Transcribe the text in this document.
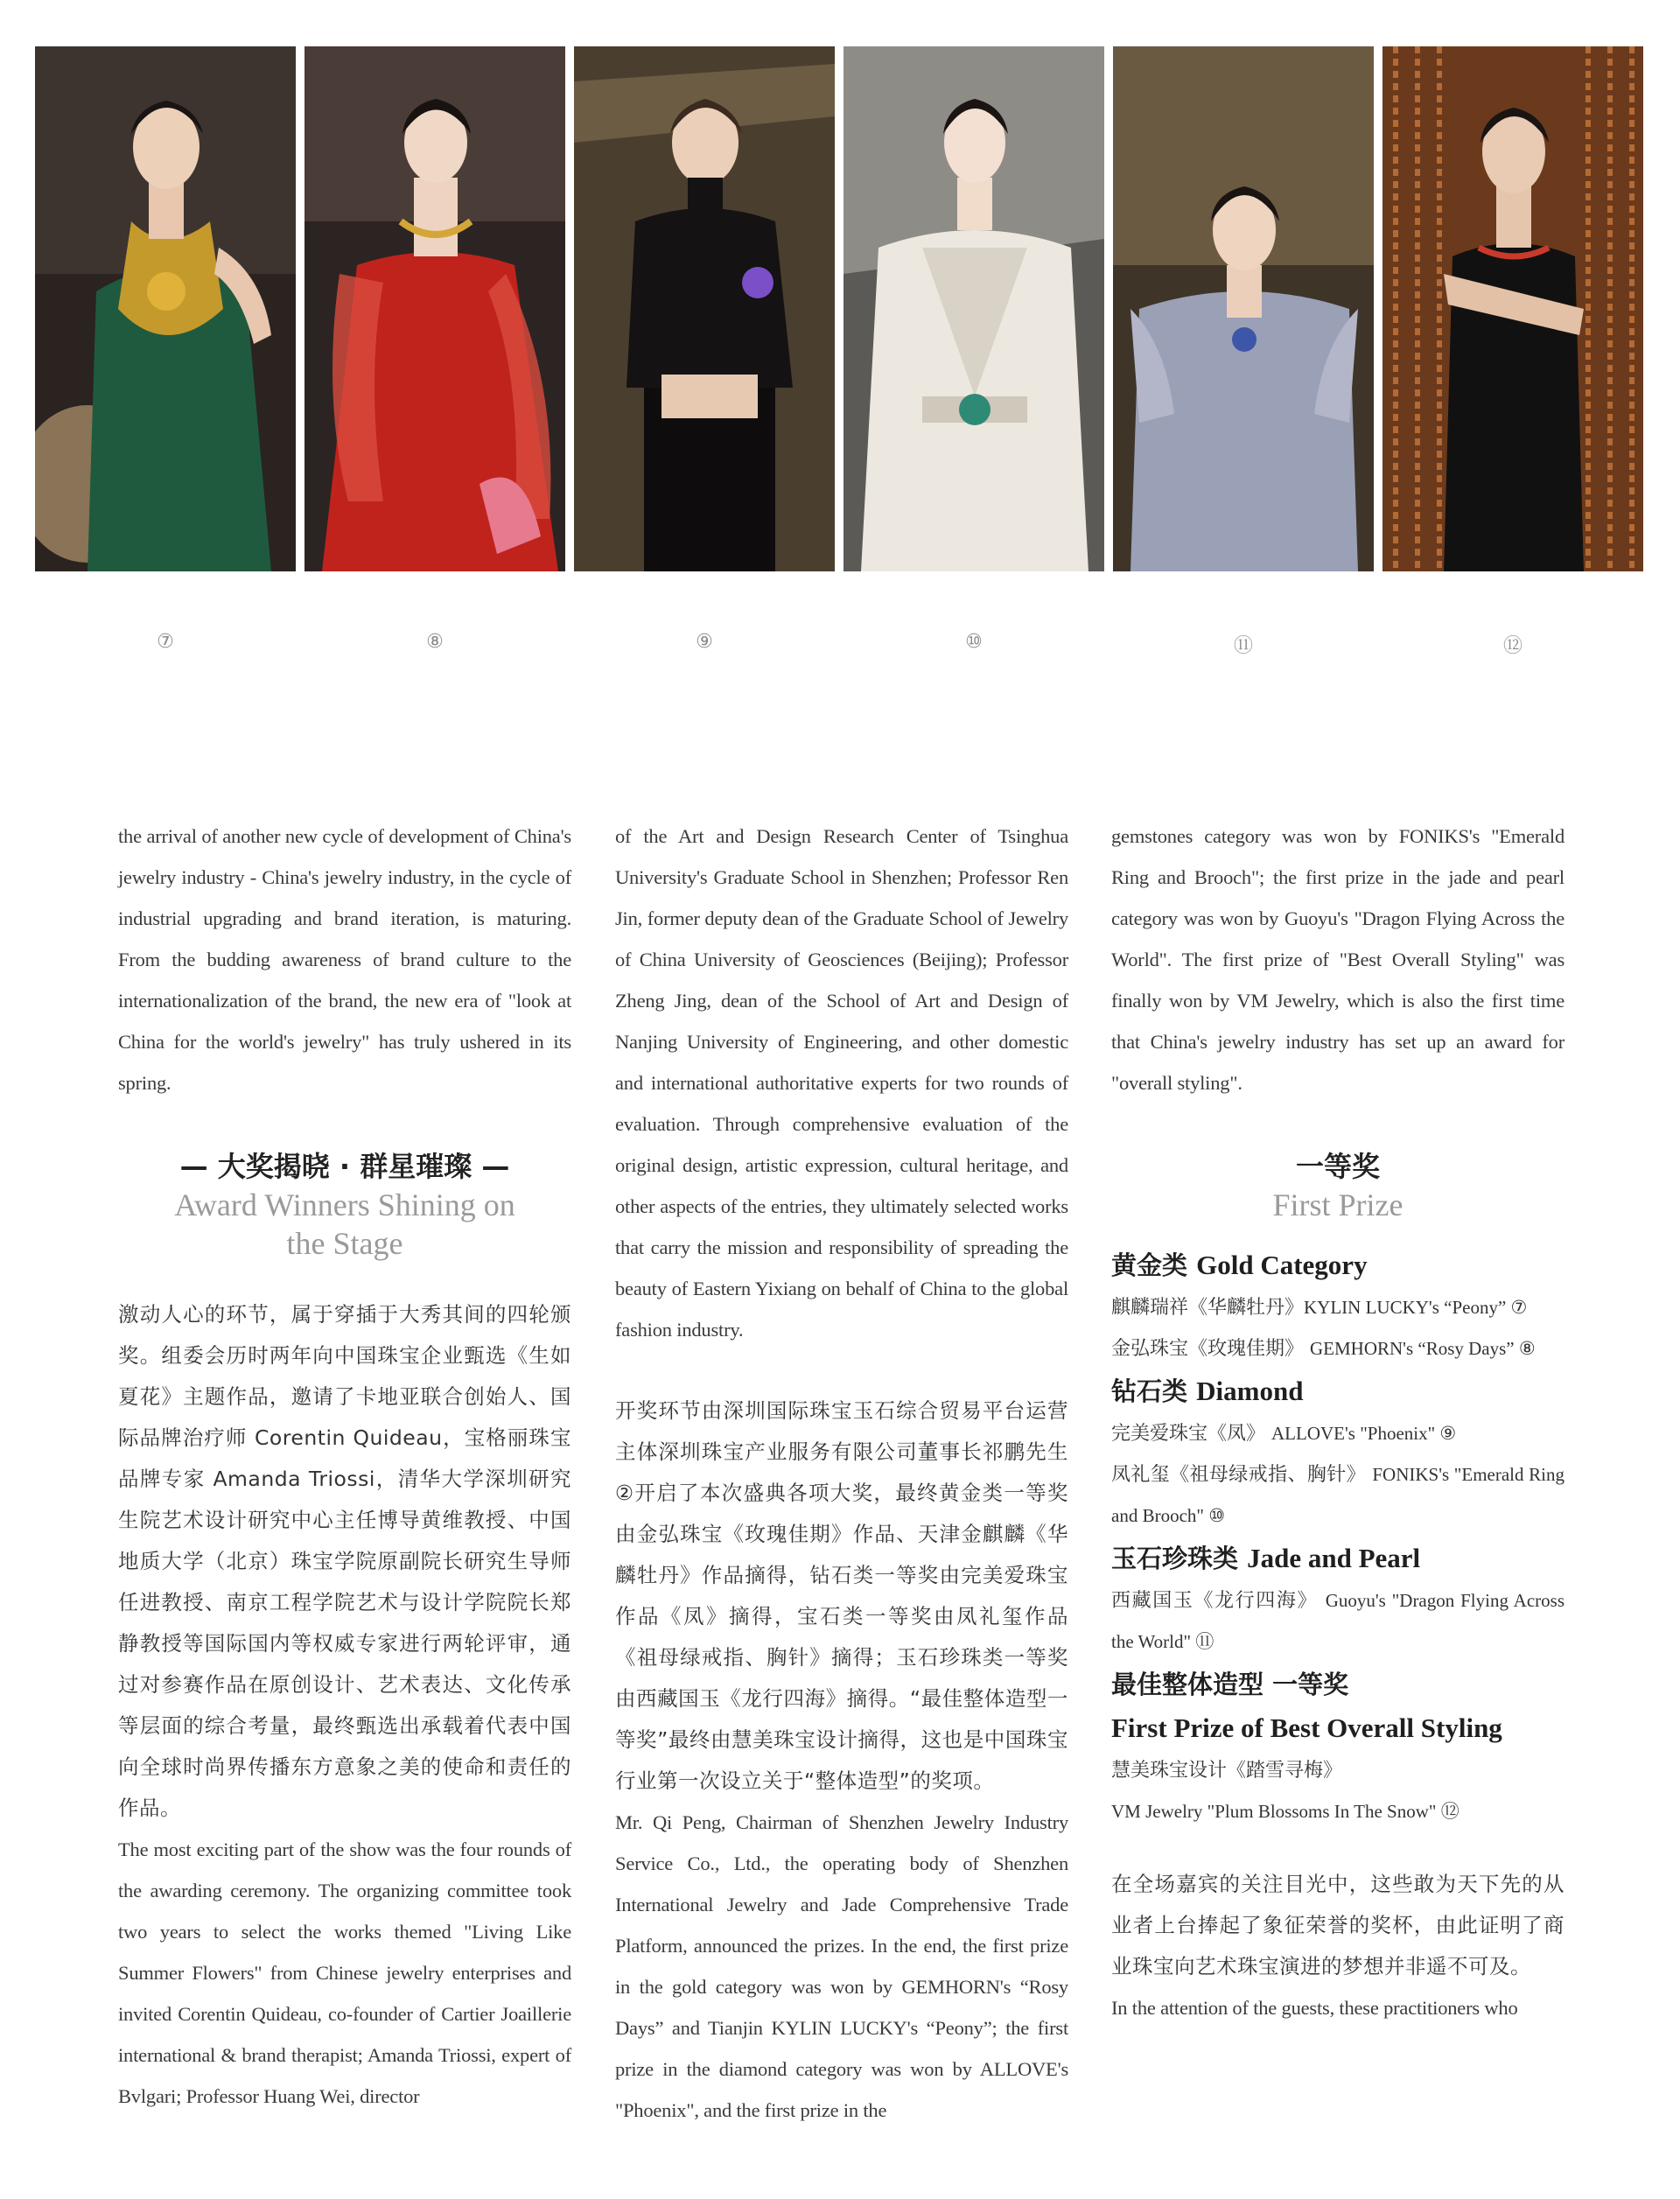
⑦	⑧	⑨	⑩	⑪	⑫

the arrival of another new cycle of development of China's jewelry industry - China's jewelry industry, in the cycle of industrial upgrading and brand iteration, is maturing. From the budding awareness of brand culture to the internationalization of the brand, the new era of "look at China for the world's jewelry" has truly ushered in its spring.

— 大奖揭晓 · 群星璀璨 —

Award Winners Shining on the Stage

激动人心的环节，属于穿插于大秀其间的四轮颁奖。组委会历时两年向中国珠宝企业甄选《生如夏花》主题作品，邀请了卡地亚联合创始人、国际品牌治疗师 Corentin Quideau，宝格丽珠宝品牌专家 Amanda Triossi，清华大学深圳研究生院艺术设计研究中心主任博导黄维教授、中国地质大学（北京）珠宝学院原副院长研究生导师任进教授、南京工程学院艺术与设计学院院长郑静教授等国际国内等权威专家进行两轮评审，通过对参赛作品在原创设计、艺术表达、文化传承等层面的综合考量，最终甄选出承载着代表中国向全球时尚界传播东方意象之美的使命和责任的作品。

The most exciting part of the show was the four rounds of the awarding ceremony. The organizing committee took two years to select the works themed "Living Like Summer Flowers" from Chinese jewelry enterprises and invited Corentin Quideau, co-founder of Cartier Joaillerie international & brand therapist; Amanda Triossi, expert of Bvlgari; Professor Huang Wei, director

of the Art and Design Research Center of Tsinghua University's Graduate School in Shenzhen; Professor Ren Jin, former deputy dean of the Graduate School of Jewelry of China University of Geosciences (Beijing); Professor Zheng Jing, dean of the School of Art and Design of Nanjing University of Engineering, and other domestic and international authoritative experts for two rounds of evaluation. Through comprehensive evaluation of the original design, artistic expression, cultural heritage, and other aspects of the entries, they ultimately selected works that carry the mission and responsibility of spreading the beauty of Eastern Yixiang on behalf of China to the global fashion industry.

开奖环节由深圳国际珠宝玉石综合贸易平台运营主体深圳珠宝产业服务有限公司董事长祁鹏先生②开启了本次盛典各项大奖，最终黄金类一等奖由金弘珠宝《玫瑰佳期》作品、天津金麒麟《华麟牡丹》作品摘得，钻石类一等奖由完美爱珠宝作品《凤》摘得，宝石类一等奖由凤礼玺作品《祖母绿戒指、胸针》摘得；玉石珍珠类一等奖由西藏国玉《龙行四海》摘得。“最佳整体造型一等奖”最终由慧美珠宝设计摘得，这也是中国珠宝行业第一次设立关于“整体造型”的奖项。

Mr. Qi Peng, Chairman of Shenzhen Jewelry Industry Service Co., Ltd., the operating body of Shenzhen International Jewelry and Jade Comprehensive Trade Platform, announced the prizes. In the end, the first prize in the gold category was won by GEMHORN's “Rosy Days” and Tianjin KYLIN LUCKY's “Peony”; the first prize in the diamond category was won by ALLOVE's "Phoenix", and the first prize in the

gemstones category was won by FONIKS's "Emerald Ring and Brooch"; the first prize in the jade and pearl category was won by Guoyu's "Dragon Flying Across the World". The first prize of "Best Overall Styling" was finally won by VM Jewelry, which is also the first time that China's jewelry industry has set up an award for "overall styling".

一等奖

First Prize

黄金类 Gold Category

麒麟瑞祥《华麟牡丹》KYLIN LUCKY's “Peony” ⑦

金弘珠宝《玫瑰佳期》 GEMHORN's “Rosy Days” ⑧

钻石类 Diamond

完美爱珠宝《凤》 ALLOVE's "Phoenix" ⑨

凤礼玺《祖母绿戒指、胸针》 FONIKS's "Emerald Ring and Brooch" ⑩

玉石珍珠类 Jade and Pearl

西藏国玉《龙行四海》 Guoyu's "Dragon Flying Across the World" ⑪

最佳整体造型 一等奖

First Prize of Best Overall Styling

慧美珠宝设计《踏雪寻梅》

VM Jewelry "Plum Blossoms In The Snow" ⑫

在全场嘉宾的关注目光中，这些敢为天下先的从业者上台捧起了象征荣誉的奖杯，由此证明了商业珠宝向艺术珠宝演进的梦想并非遥不可及。

In the attention of the guests, these practitioners who
